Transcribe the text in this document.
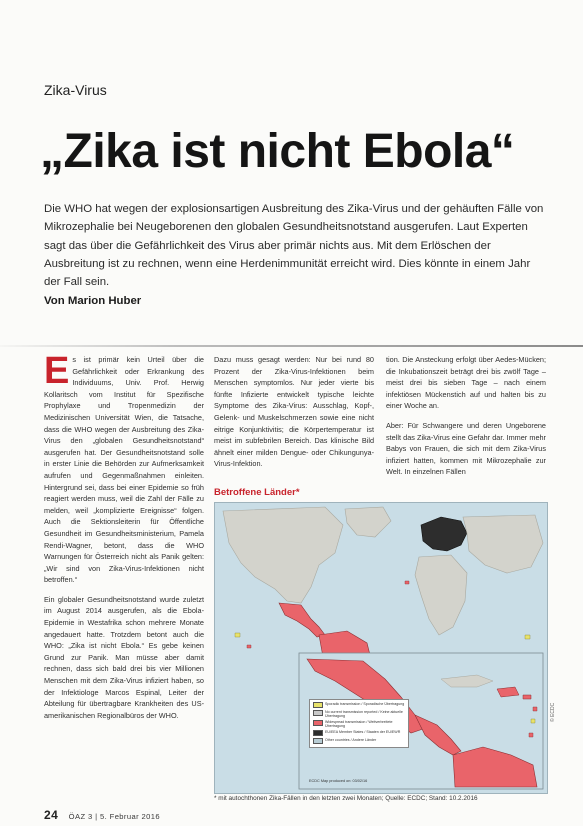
Zika-Virus
„Zika ist nicht Ebola“

Die WHO hat wegen der explosionsartigen Ausbreitung des Zika-Virus und der gehäuften Fälle von Mikrozephalie bei Neugeborenen den globalen Gesundheitsnotstand ausgerufen. Laut Experten sagt das über die Gefährlichkeit des Virus aber primär nichts aus. Mit dem Erlöschen der Ausbreitung ist zu rechnen, wenn eine Herdenimmunität erreicht wird. Dies könnte in einem Jahr der Fall sein.

Von Marion Huber

Es ist primär kein Urteil über die Gefährlichkeit oder Erkrankung des Individuums, Univ. Prof. Herwig Kollaritsch vom Institut für Spezifische Prophylaxe und Tropenmedizin der Medizinischen Universität Wien, die Tatsache, dass die WHO wegen der Ausbreitung des Zika-Virus den „globalen Gesundheitsnotstand“ ausgerufen hat. Der Gesundheitsnotstand solle in erster Linie die Behörden zur Aufmerksamkeit aufrufen und Gegenmaßnahmen einleiten. Hintergrund sei, dass bei einer Epidemie so früh reagiert werden muss, weil die Zahl der Fälle zu melden, weil „komplizierte Ereignisse“ folgen. Auch die Sektionsleiterin für Öffentliche Gesundheit im Gesundheitsministerium, Pamela Rendi-Wagner, betont, dass die WHO Warnungen für Österreich nicht als Panik gelten: „Wir sind von Zika-Virus-Infektionen nicht betroffen.“

Ein globaler Gesundheitsnotstand wurde zuletzt im August 2014 ausgerufen, als die Ebola-Epidemie in Westafrika schon mehrere Monate angedauert hatte. Trotzdem betont auch die WHO: „Zika ist nicht Ebola.“ Es gebe keinen Grund zur Panik. Man müsse aber damit rechnen, dass sich bald drei bis vier Millionen Menschen mit dem Zika-Virus infiziert haben, so der Infektiologe Marcos Espinal, Leiter der Abteilung für übertragbare Krankheiten des US-amerikanischen Regionalbüros der WHO.

Dazu muss gesagt werden: Nur bei rund 80 Prozent der Zika-Virus-Infektionen beim Menschen symptomlos. Nur jeder vierte bis fünfte Infizierte entwickelt typische leichte Symptome des Zika-Virus: Ausschlag, Kopf-, Gelenk- und Muskelschmerzen sowie eine nicht eitrige Konjunktivitis; die Körpertemperatur ist meist im subfebrilen Bereich. Das klinische Bild ähnelt einer milden Dengue- oder Chikungunya-Virus-Infektion.

tion. Die Ansteckung erfolgt über Aedes-Mücken; die Inkubationszeit beträgt drei bis zwölf Tage – meist drei bis sieben Tage – nach einem infektiösen Mückenstich auf und halten bis zu einer Woche an.

Aber: Für Schwangere und deren Ungeborene stellt das Zika-Virus eine Gefahr dar. Immer mehr Babys von Frauen, die sich mit dem Zika-Virus infiziert hatten, kommen mit Mikrozephalie zur Welt. In einzelnen Fällen

Betroffene Länder*
Sporadic transmission / Sporadische Übertragung
No current transmission reported / Keine aktuelle Übertragung
Widespread transmission / Weitverbreitete Übertragung
EU/EEA Member States / Staaten der EU/EWR
Other countries / Andere Länder
ECDC Map produced on: 03/02/16
* mit autochthonen Zika-Fällen in den letzten zwei Monaten; Quelle: ECDC; Stand: 10.2.2016
© ECDC
24 ÖAZ 3 | 5. Februar 2016
